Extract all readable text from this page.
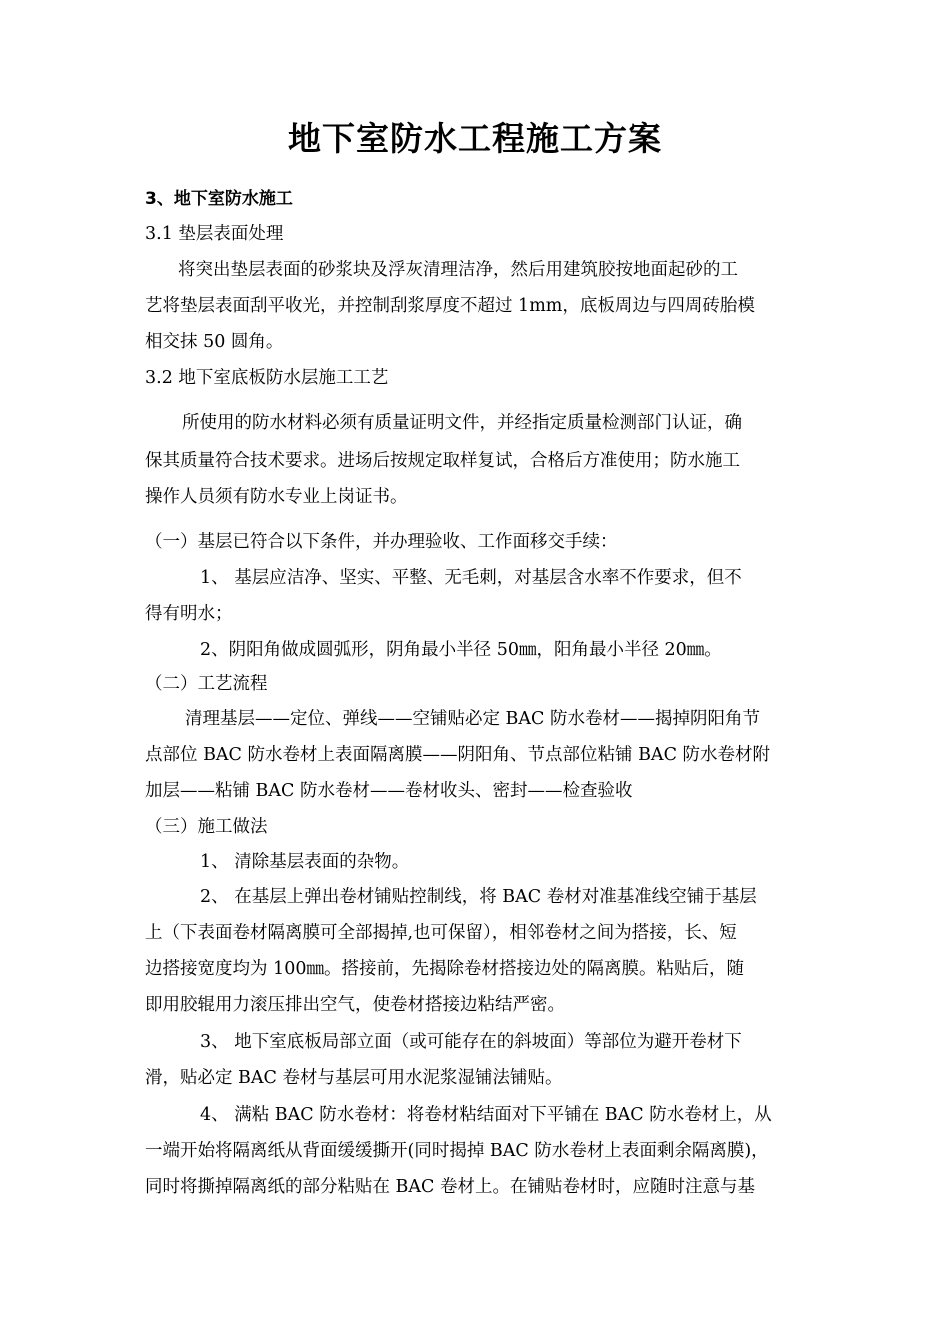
地下室防水工程施工方案
3、地下室防水施工
3.1 垫层表面处理
将突出垫层表面的砂浆块及浮灰清理洁净，然后用建筑胶按地面起砂的工
艺将垫层表面刮平收光，并控制刮浆厚度不超过 1mm，底板周边与四周砖胎模
相交抹 50 圆角。
3.2 地下室底板防水层施工工艺
所使用的防水材料必须有质量证明文件，并经指定质量检测部门认证，确
保其质量符合技术要求。进场后按规定取样复试，合格后方准使用；防水施工
操作人员须有防水专业上岗证书。
（一）基层已符合以下条件，并办理验收、工作面移交手续：
1、 基层应洁净、坚实、平整、无毛刺，对基层含水率不作要求，但不
得有明水；
2、阴阳角做成圆弧形，阴角最小半径 50㎜，阳角最小半径 20㎜。
（二）工艺流程
清理基层——定位、弹线——空铺贴必定 BAC 防水卷材——揭掉阴阳角节
点部位 BAC 防水卷材上表面隔离膜——阴阳角、节点部位粘铺 BAC 防水卷材附
加层——粘铺 BAC 防水卷材——卷材收头、密封——检查验收
（三）施工做法
1、 清除基层表面的杂物。
2、 在基层上弹出卷材铺贴控制线，将 BAC 卷材对准基准线空铺于基层
上（下表面卷材隔离膜可全部揭掉,也可保留），相邻卷材之间为搭接，长、短
边搭接宽度均为 100㎜。搭接前，先揭除卷材搭接边处的隔离膜。粘贴后，随
即用胶辊用力滚压排出空气，使卷材搭接边粘结严密。
3、 地下室底板局部立面（或可能存在的斜坡面）等部位为避开卷材下
滑，贴必定 BAC 卷材与基层可用水泥浆湿铺法铺贴。
4、 满粘 BAC 防水卷材：将卷材粘结面对下平铺在 BAC 防水卷材上，从
一端开始将隔离纸从背面缓缓撕开(同时揭掉 BAC 防水卷材上表面剩余隔离膜)，
同时将撕掉隔离纸的部分粘贴在 BAC 卷材上。在铺贴卷材时，应随时注意与基
